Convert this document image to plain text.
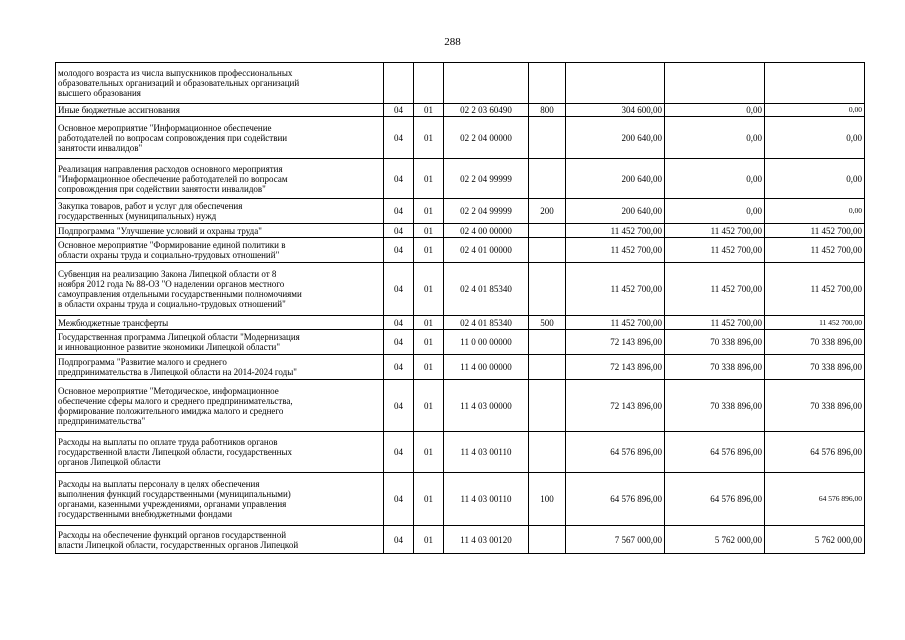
288
молодого возраста из числа выпускников профессиональных
образовательных организаций и образовательных организаций
высшего образования							

Иные бюджетные ассигнования	04	01	02 2 03 60490	800	304 600,00	0,00	0,00

Основное мероприятие "Информационное обеспечение
работодателей по вопросам сопровождения при содействии
занятости инвалидов"	04	01	02 2 04 00000		200 640,00	0,00	0,00

Реализация направления расходов основного мероприятия
"Информационное обеспечение работодателей по вопросам
сопровождения при содействии занятости инвалидов"	04	01	02 2 04 99999		200 640,00	0,00	0,00

Закупка товаров, работ и услуг для обеспечения
государственных (муниципальных) нужд	04	01	02 2 04 99999	200	200 640,00	0,00	0,00

Подпрограмма "Улучшение условий и охраны труда"	04	01	02 4 00 00000		11 452 700,00	11 452 700,00	11 452 700,00

Основное мероприятие "Формирование единой политики в
области охраны труда и социально-трудовых отношений"	04	01	02 4 01 00000		11 452 700,00	11 452 700,00	11 452 700,00

Субвенция на реализацию Закона Липецкой области от 8
ноября 2012 года № 88-ОЗ "О наделении органов местного
самоуправления отдельными государственными полномочиями
в области охраны труда и социально-трудовых отношений"	04	01	02 4 01 85340		11 452 700,00	11 452 700,00	11 452 700,00

Межбюджетные трансферты	04	01	02 4 01 85340	500	11 452 700,00	11 452 700,00	11 452 700,00

Государственная программа Липецкой области "Модернизация
и инновационное развитие экономики Липецкой области"	04	01	11 0 00 00000		72 143 896,00	70 338 896,00	70 338 896,00

Подпрограмма "Развитие малого и среднего
предпринимательства в Липецкой области на 2014-2024 годы"	04	01	11 4 00 00000		72 143 896,00	70 338 896,00	70 338 896,00

Основное мероприятие "Методическое, информационное
обеспечение сферы малого и среднего предпринимательства,
формирование положительного имиджа малого и среднего
предпринимательства"	04	01	11 4 03 00000		72 143 896,00	70 338 896,00	70 338 896,00

Расходы на выплаты по оплате труда работников органов
государственной власти Липецкой области, государственных
органов Липецкой области	04	01	11 4 03 00110		64 576 896,00	64 576 896,00	64 576 896,00

Расходы на выплаты персоналу в целях обеспечения
выполнения функций государственными (муниципальными)
органами, казенными учреждениями, органами управления
государственными внебюджетными фондами	04	01	11 4 03 00110	100	64 576 896,00	64 576 896,00	64 576 896,00

Расходы на обеспечение функций органов государственной
власти Липецкой области, государственных органов Липецкой	04	01	11 4 03 00120		7 567 000,00	5 762 000,00	5 762 000,00
